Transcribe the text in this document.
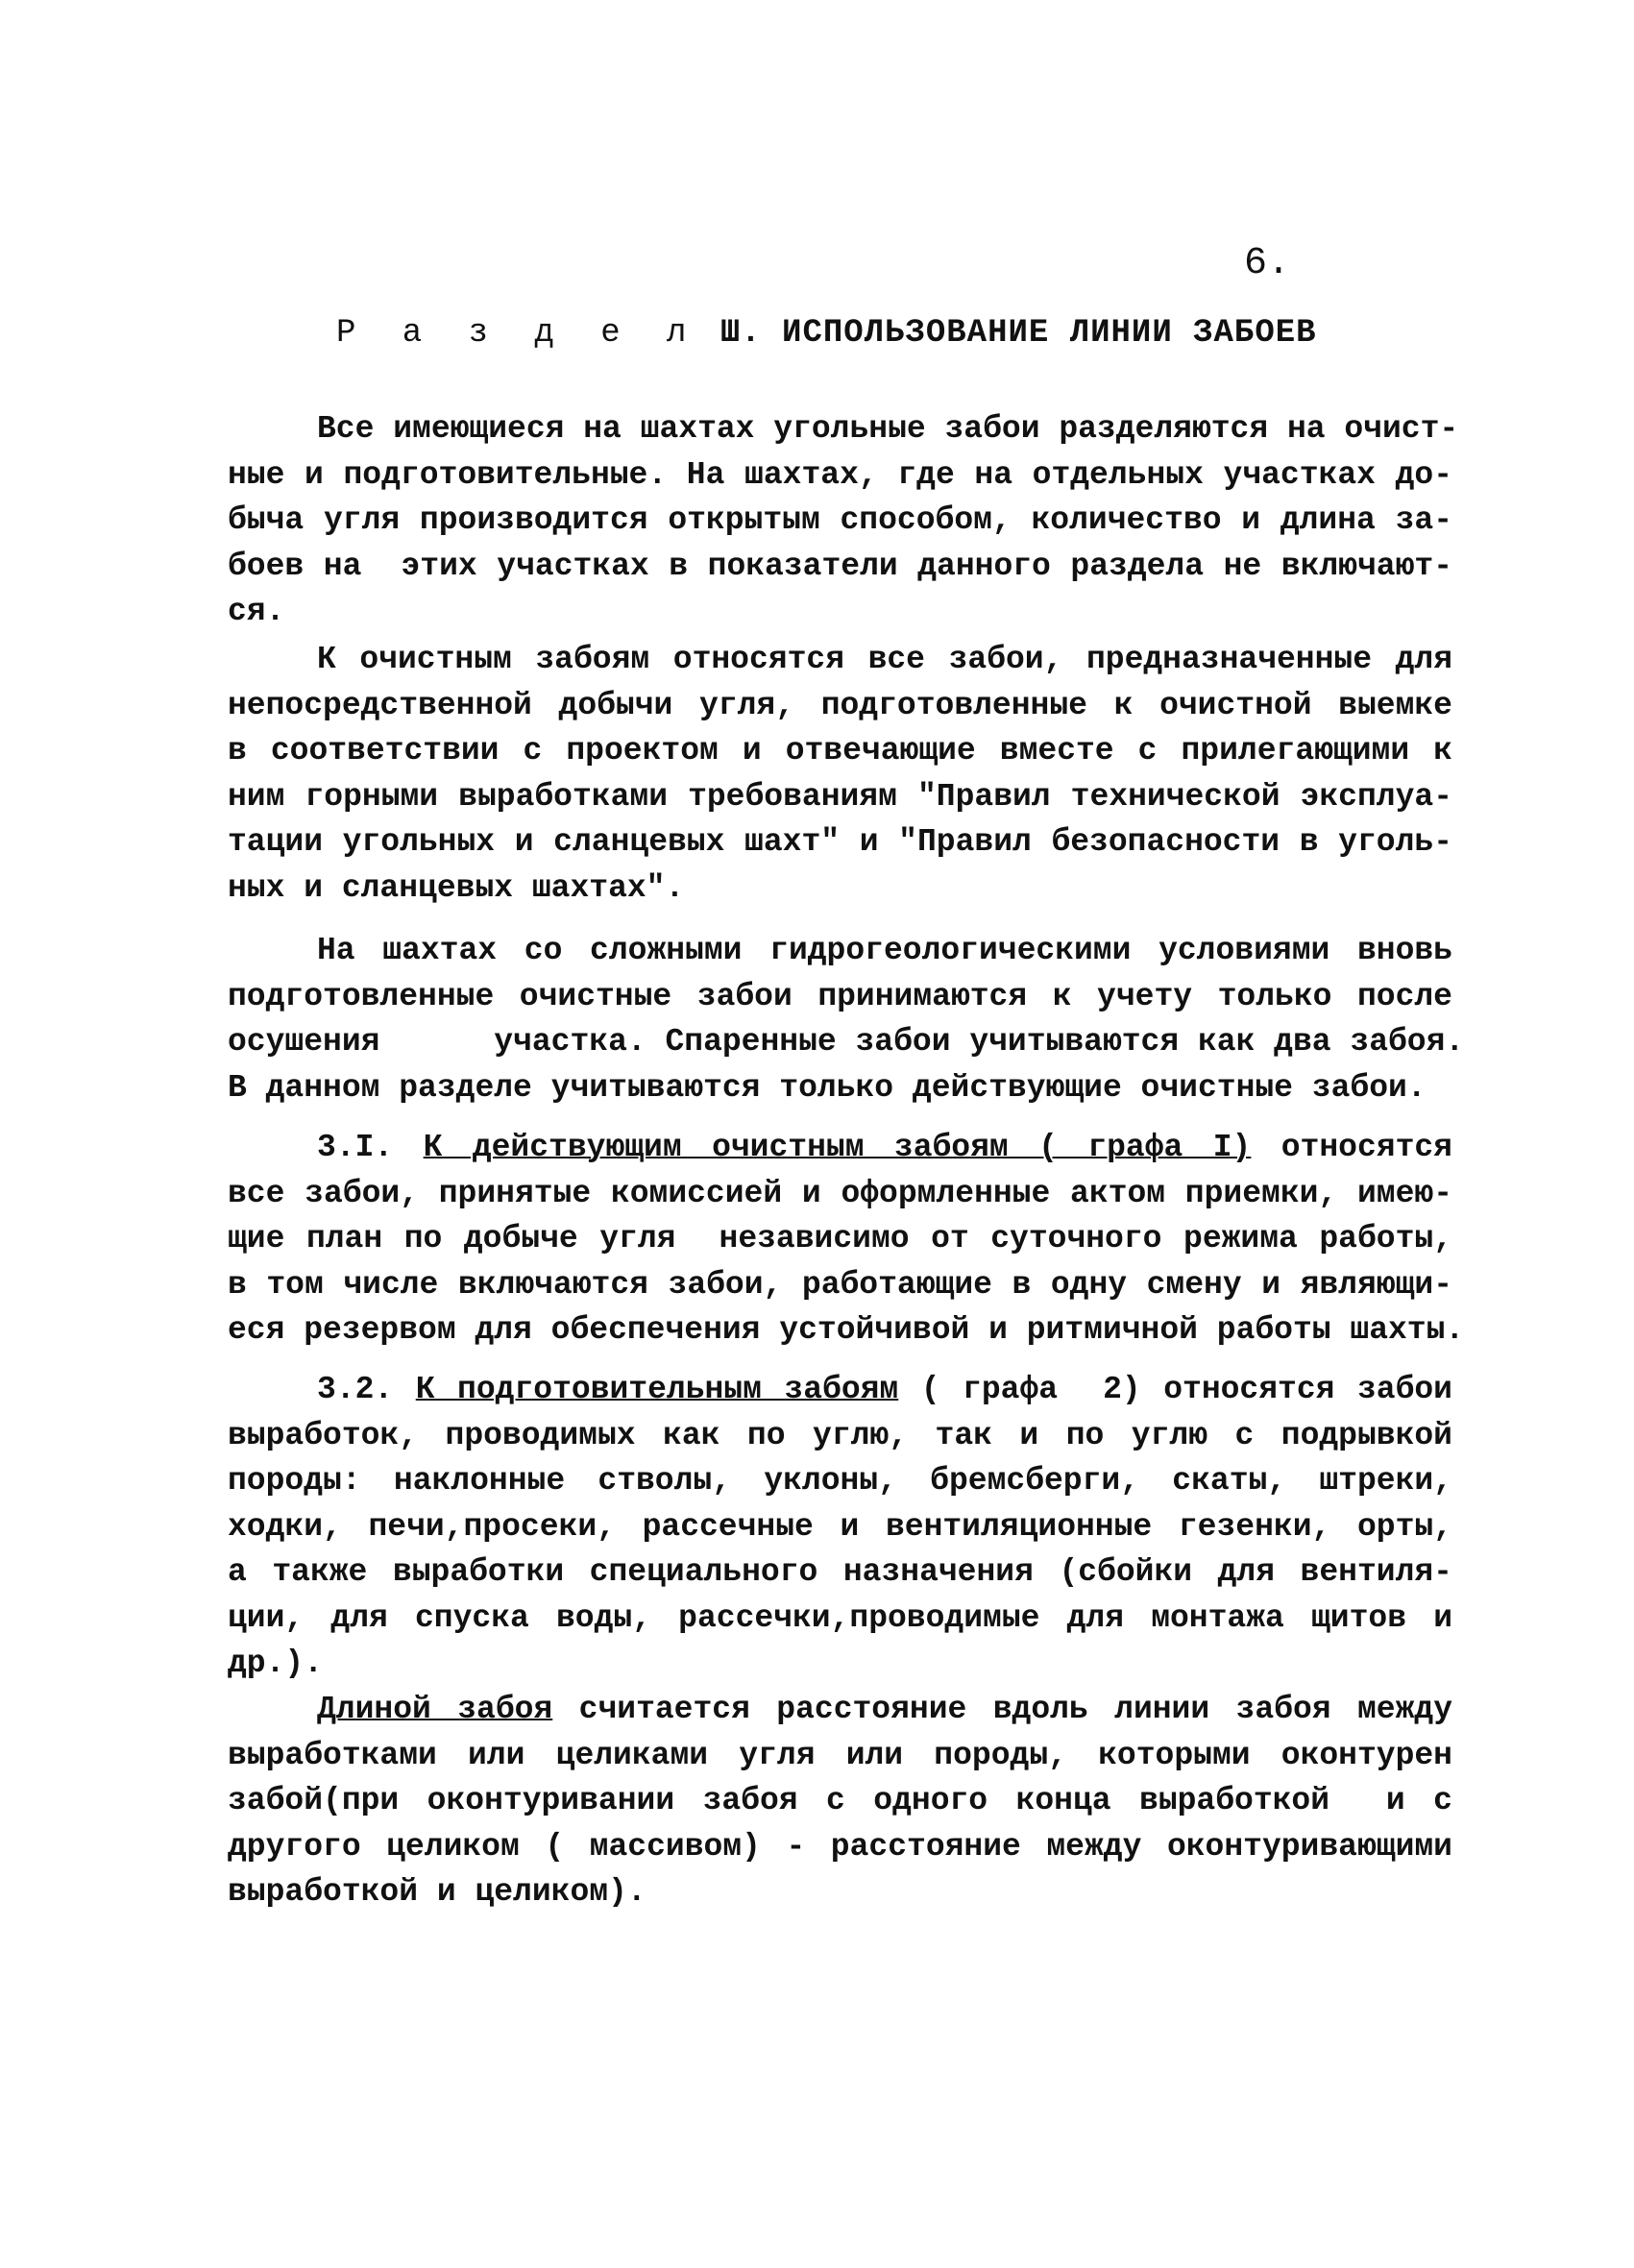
6.
Р а з д е л Ш. ИСПОЛЬЗОВАНИЕ ЛИНИИ ЗАБОЕВ
Все имеющиеся на шахтах угольные забои разделяются на очист-
ные и подготовительные. На шахтах, где на отдельных участках до-
быча угля производится открытым способом, количество и длина за-
боев на  этих участках в показатели данного раздела не включают-
ся.
К очистным забоям относятся все забои, предназначенные для
непосредственной добычи угля, подготовленные к очистной выемке
в соответствии с проектом и отвечающие вместе с прилегающими к
ним горными выработками требованиям "Правил технической эксплуа-
тации угольных и сланцевых шахт" и "Правил безопасности в уголь-
ных и сланцевых шахтах".
На шахтах со сложными гидрогеологическими условиями вновь
подготовленные очистные забои принимаются к учету только после
осушения      участка. Спаренные забои учитываются как два забоя.
В данном разделе учитываются только действующие очистные забои.
3.I. К действующим очистным забоям ( графа I) относятся
все забои, принятые комиссией и оформленные актом приемки, имею-
щие план по добыче угля  независимо от суточного режима работы,
в том числе включаются забои, работающие в одну смену и являющи-
еся резервом для обеспечения устойчивой и ритмичной работы шахты.
3.2. К подготовительным забоям ( графа  2) относятся забои
выработок, проводимых как по углю, так и по углю с подрывкой
породы: наклонные стволы, уклоны, бремсберги, скаты, штреки,
ходки, печи,просеки, рассечные и вентиляционные гезенки, орты,
а также выработки специального назначения (сбойки для вентиля-
ции, для спуска воды, рассечки,проводимые для монтажа щитов и
др.).
Длиной забоя считается расстояние вдоль линии забоя между
выработками или целиками угля или породы, которыми оконтурен
забой(при оконтуривании забоя с одного конца выработкой  и с
другого целиком ( массивом) - расстояние между оконтуривающими
выработкой и целиком).
